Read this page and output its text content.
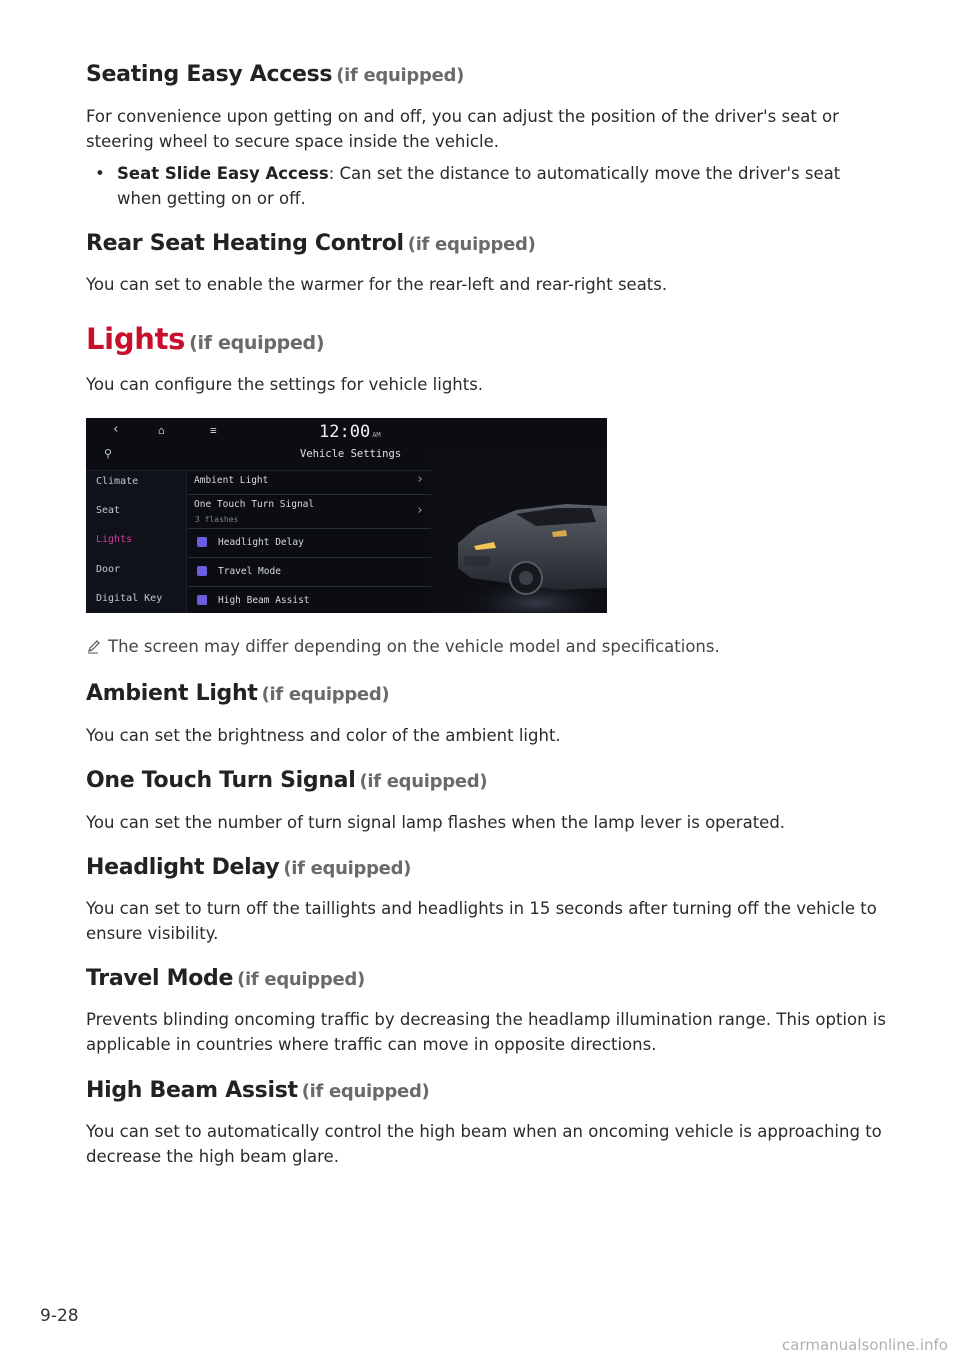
Seating Easy Access (if equipped)
For convenience upon getting on and off, you can adjust the position of the driver's seat or steering wheel to secure space inside the vehicle.
• Seat Slide Easy Access: Can set the distance to automatically move the driver's seat when getting on or off.
Rear Seat Heating Control (if equipped)
You can set to enable the warmer for the rear-left and rear-right seats.
Lights (if equipped)
You can configure the settings for vehicle lights.
‹	⌂	≡
⚲
12:00 AM
Vehicle Settings
Climate
Seat
Lights
Door
Digital Key
Ambient Light	›
One Touch Turn Signal
3 flashes
›
Headlight Delay
Travel Mode
High Beam Assist
The screen may differ depending on the vehicle model and specifications.
Ambient Light (if equipped)
You can set the brightness and color of the ambient light.
One Touch Turn Signal (if equipped)
You can set the number of turn signal lamp flashes when the lamp lever is operated.
Headlight Delay (if equipped)
You can set to turn off the taillights and headlights in 15 seconds after turning off the vehicle to ensure visibility.
Travel Mode (if equipped)
Prevents blinding oncoming traffic by decreasing the headlamp illumination range. This option is applicable in countries where traffic can move in opposite directions.
High Beam Assist (if equipped)
You can set to automatically control the high beam when an oncoming vehicle is approaching to decrease the high beam glare.
9-28
carmanualsonline.info
